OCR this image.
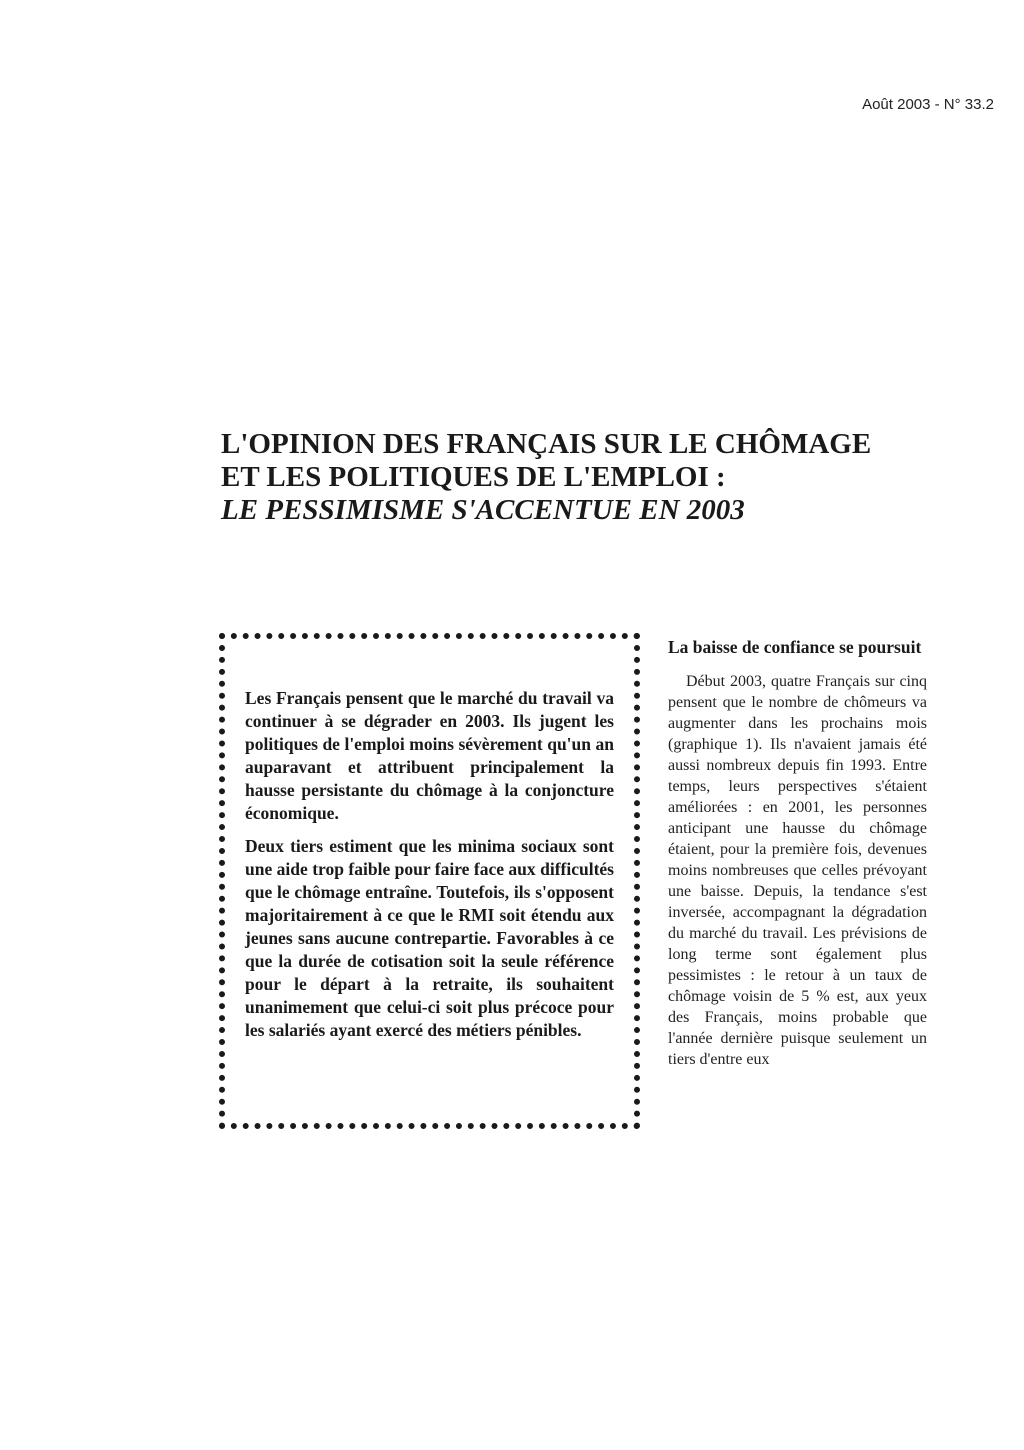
Août 2003 - N° 33.2
L'OPINION DES FRANÇAIS SUR LE CHÔMAGE
ET LES POLITIQUES DE L'EMPLOI :
LE PESSIMISME S'ACCENTUE EN 2003

Les Français pensent que le marché du travail va continuer à se dégrader en 2003. Ils jugent les politiques de l'emploi moins sévèrement qu'un an auparavant et attribuent principalement la hausse persistante du chômage à la conjoncture économique.

Deux tiers estiment que les minima sociaux sont une aide trop faible pour faire face aux difficultés que le chômage entraîne. Toutefois, ils s'opposent majoritairement à ce que le RMI soit étendu aux jeunes sans aucune contrepartie. Favorables à ce que la durée de cotisation soit la seule référence pour le départ à la retraite, ils souhaitent unanimement que celui-ci soit plus précoce pour les salariés ayant exercé des métiers pénibles.

La baisse de confiance se poursuit

Début 2003, quatre Français sur cinq pensent que le nombre de chômeurs va augmenter dans les prochains mois (graphique 1). Ils n'avaient jamais été aussi nombreux depuis fin 1993. Entre temps, leurs perspectives s'étaient améliorées : en 2001, les personnes anticipant une hausse du chômage étaient, pour la première fois, devenues moins nombreuses que celles prévoyant une baisse. Depuis, la tendance s'est inversée, accompagnant la dégradation du marché du travail. Les prévisions de long terme sont également plus pessimistes : le retour à un taux de chômage voisin de 5 % est, aux yeux des Français, moins probable que l'année dernière puisque seulement un tiers d'entre eux
